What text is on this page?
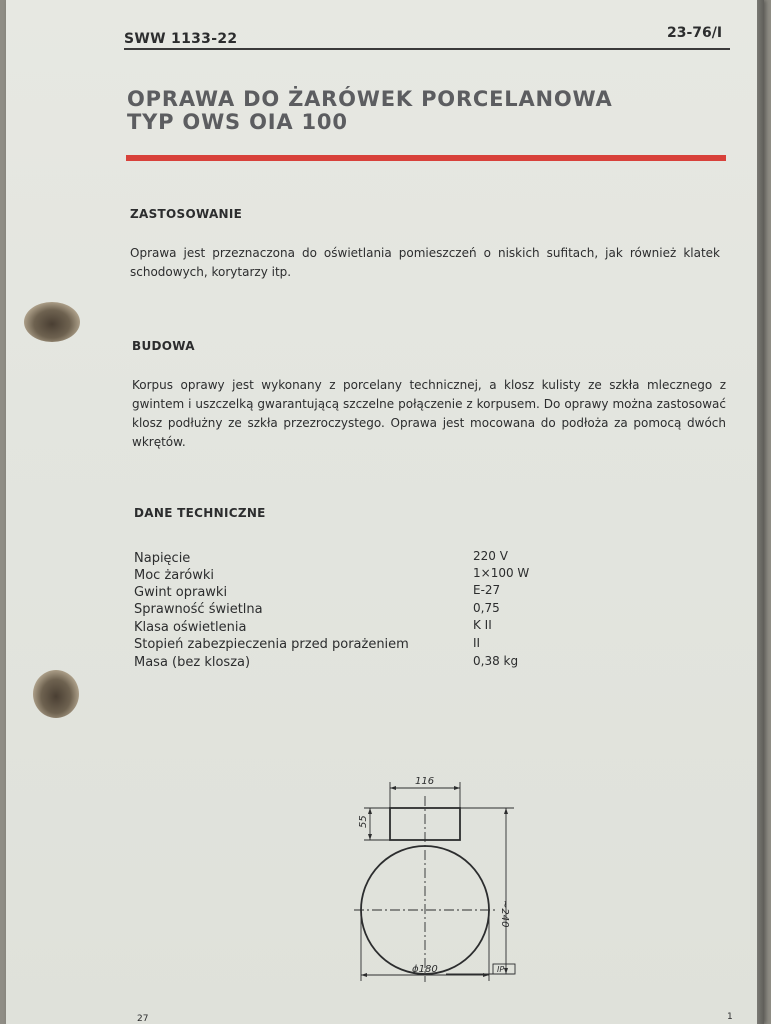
SWW 1133-22	23-76/I
OPRAWA DO ŻARÓWEK PORCELANOWA
TYP OWS OIA 100
ZASTOSOWANIE
Oprawa jest przeznaczona do oświetlania pomieszczeń o niskich sufitach, jak również klatek schodowych, korytarzy itp.
BUDOWA
Korpus oprawy jest wykonany z porcelany technicznej, a klosz kulisty ze szkła mlecznego z gwintem i uszczelką gwarantującą szczelne połączenie z korpusem. Do oprawy można zastosować klosz podłużny ze szkła przezroczystego. Oprawa jest mocowana do podłoża za pomocą dwóch wkrętów.
DANE TECHNICZNE
Napięcie	220 V
Moc żarówki	1×100 W
Gwint oprawki	E-27
Sprawność świetlna	0,75
Klasa oświetlenia	K II
Stopień zabezpieczenia przed porażeniem	II
Masa (bez klosza)	0,38 kg
116
55
~240
ϕ180	IP
27	1
